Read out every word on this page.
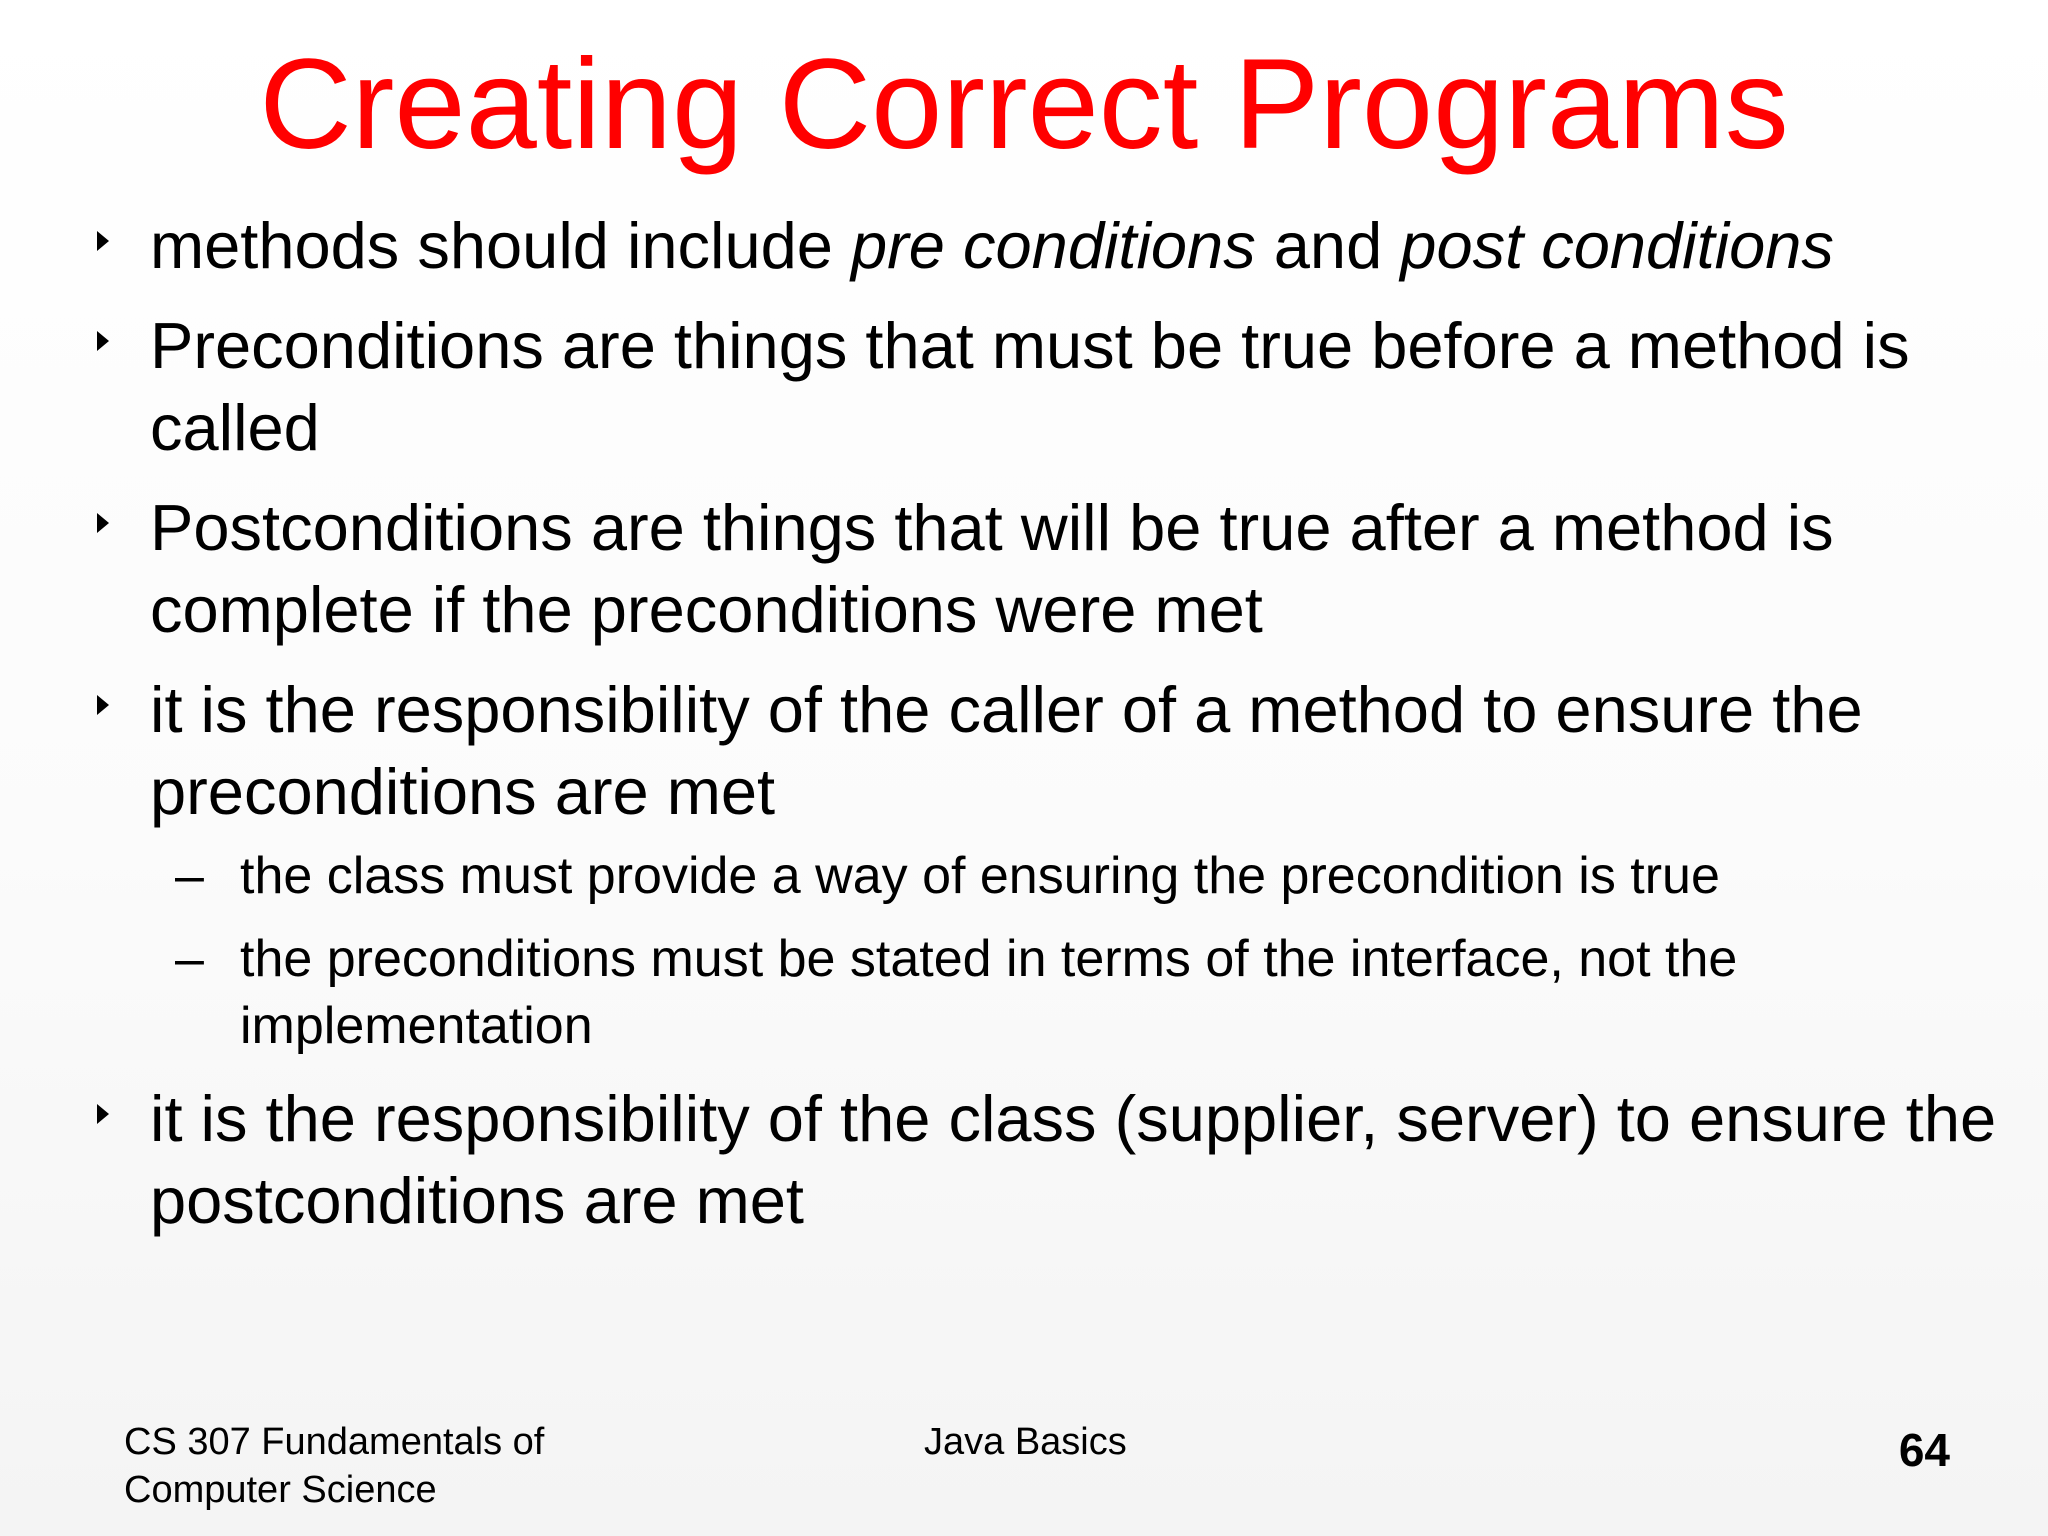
Creating Correct Programs
methods should include pre conditions and post conditions
Preconditions are things that must be true before a method is called
Postconditions are things that will be true after a method is complete if the preconditions were met
it is the responsibility of the caller of a method to ensure the preconditions are met
– the class must provide a way of ensuring the precondition is true
– the preconditions must be stated in terms of the interface, not the implementation
it is the responsibility of the class (supplier, server) to ensure the postconditions are met
CS 307 Fundamentals of
Computer Science
Java Basics	64
